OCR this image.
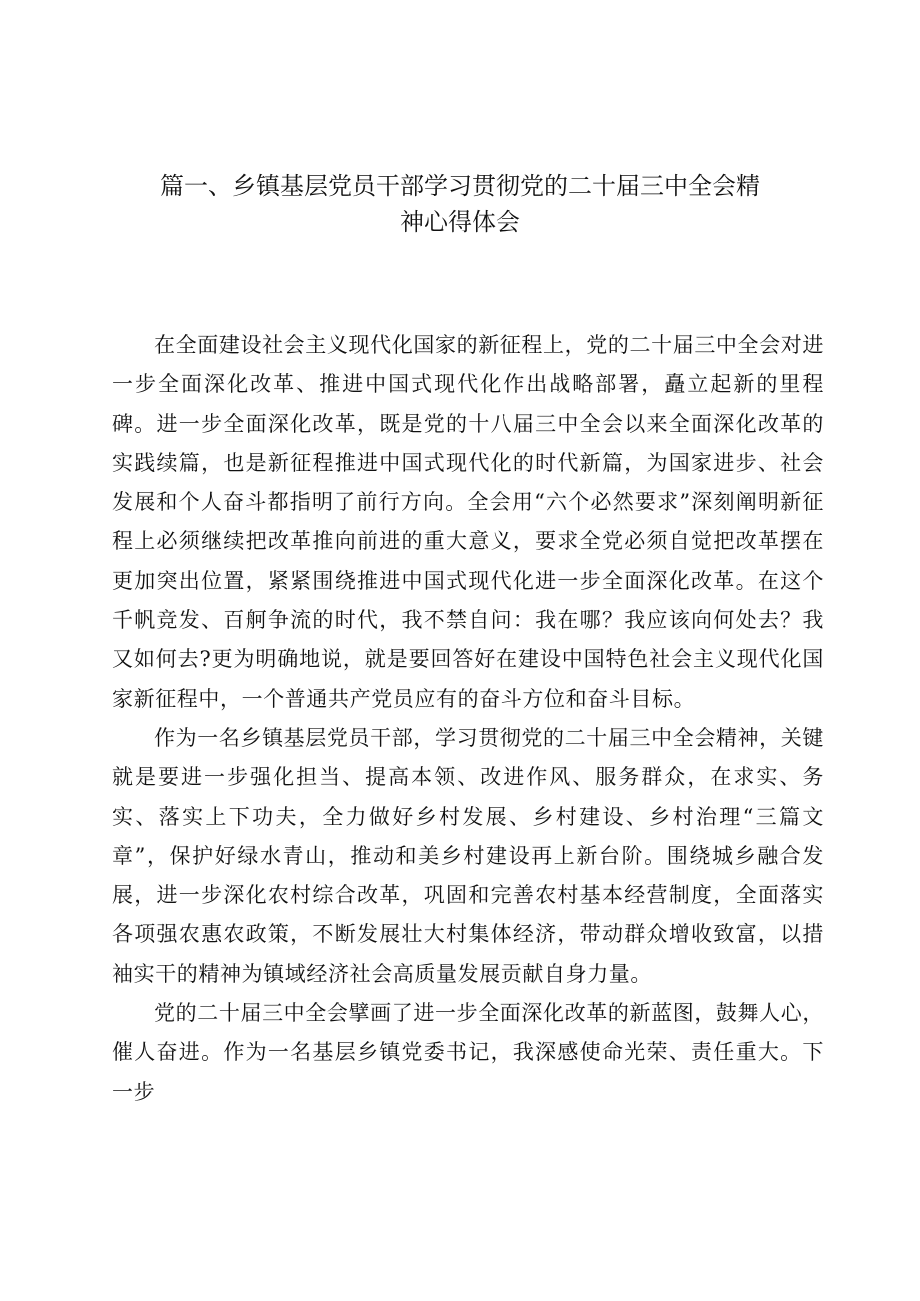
篇一、乡镇基层党员干部学习贯彻党的二十届三中全会精
神心得体会

在全面建设社会主义现代化国家的新征程上，党的二十届三中全会对进一步全面深化改革、推进中国式现代化作出战略部署，矗立起新的里程碑。进一步全面深化改革，既是党的十八届三中全会以来全面深化改革的实践续篇，也是新征程推进中国式现代化的时代新篇，为国家进步、社会发展和个人奋斗都指明了前行方向。全会用“六个必然要求”深刻阐明新征程上必须继续把改革推向前进的重大意义，要求全党必须自觉把改革摆在更加突出位置，紧紧围绕推进中国式现代化进一步全面深化改革。在这个千帆竞发、百舸争流的时代，我不禁自问：我在哪？我应该向何处去？我又如何去?更为明确地说，就是要回答好在建设中国特色社会主义现代化国家新征程中，一个普通共产党员应有的奋斗方位和奋斗目标。

作为一名乡镇基层党员干部，学习贯彻党的二十届三中全会精神，关键就是要进一步强化担当、提高本领、改进作风、服务群众，在求实、务实、落实上下功夫，全力做好乡村发展、乡村建设、乡村治理“三篇文章”，保护好绿水青山，推动和美乡村建设再上新台阶。围绕城乡融合发展，进一步深化农村综合改革，巩固和完善农村基本经营制度，全面落实各项强农惠农政策，不断发展壮大村集体经济，带动群众增收致富，以措袖实干的精神为镇域经济社会高质量发展贡献自身力量。

党的二十届三中全会擘画了进一步全面深化改革的新蓝图，鼓舞人心，催人奋进。作为一名基层乡镇党委书记，我深感使命光荣、责任重大。下一步
